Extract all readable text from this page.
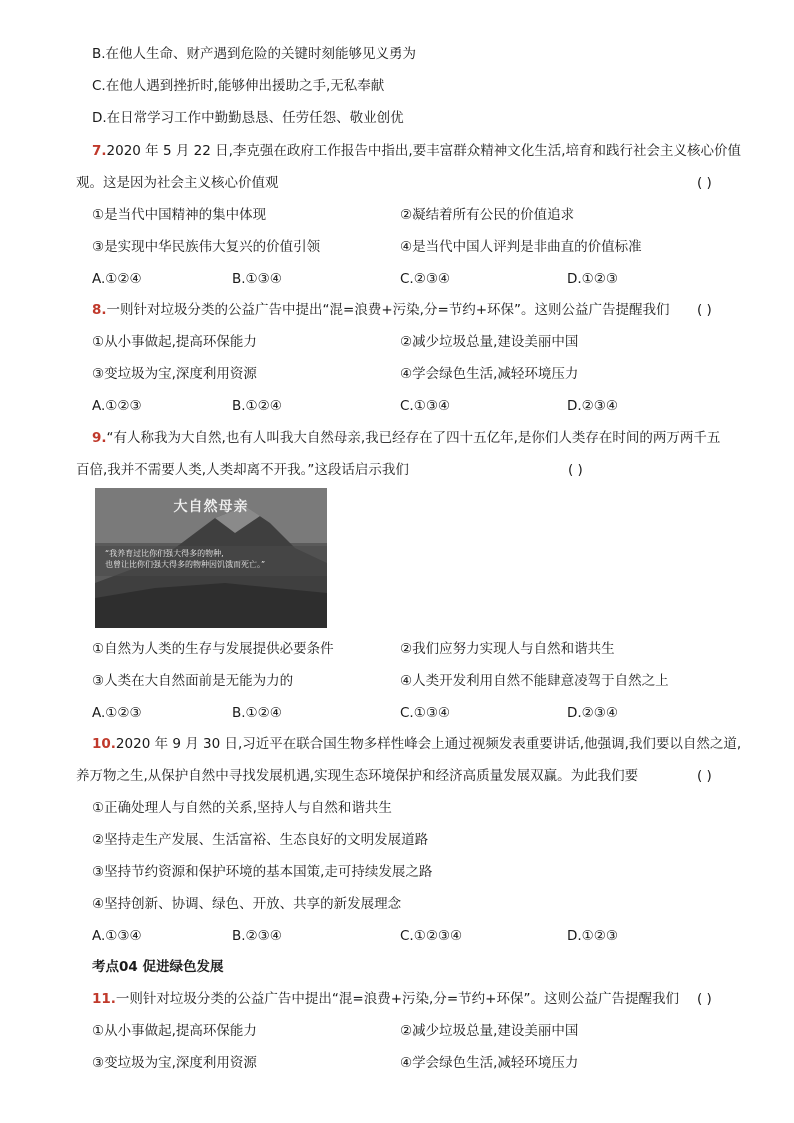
B.在他人生命、财产遇到危险的关键时刻能够见义勇为
C.在他人遇到挫折时,能够伸出援助之手,无私奉献
D.在日常学习工作中勤勤恳恳、任劳任怨、敬业创优
7.2020 年 5 月 22 日,李克强在政府工作报告中指出,要丰富群众精神文化生活,培育和践行社会主义核心价值
观。这是因为社会主义核心价值观	( )
①是当代中国精神的集中体现	②凝结着所有公民的价值追求
③是实现中华民族伟大复兴的价值引领	④是当代中国人评判是非曲直的价值标准
A.①②④	B.①③④	C.②③④	D.①②③
8.一则针对垃圾分类的公益广告中提出“混=浪费+污染,分=节约+环保”。这则公益广告提醒我们 ( )
①从小事做起,提高环保能力	②减少垃圾总量,建设美丽中国
③变垃圾为宝,深度利用资源	④学会绿色生活,减轻环境压力
A.①②③	B.①②④	C.①③④	D.②③④
9.“有人称我为大自然,也有人叫我大自然母亲,我已经存在了四十五亿年,是你们人类存在时间的两万两千五
百倍,我并不需要人类,人类却离不开我。”这段话启示我们	( )
大自然母亲
“我养育过比你们强大得多的物种,
也曾让比你们强大得多的物种因饥饿而死亡。”
①自然为人类的生存与发展提供必要条件	②我们应努力实现人与自然和谐共生
③人类在大自然面前是无能为力的	④人类开发利用自然不能肆意凌驾于自然之上
A.①②③	B.①②④	C.①③④	D.②③④
10.2020 年 9 月 30 日,习近平在联合国生物多样性峰会上通过视频发表重要讲话,他强调,我们要以自然之道,
养万物之生,从保护自然中寻找发展机遇,实现生态环境保护和经济高质量发展双赢。为此我们要	( )
①正确处理人与自然的关系,坚持人与自然和谐共生
②坚持走生产发展、生活富裕、生态良好的文明发展道路
③坚持节约资源和保护环境的基本国策,走可持续发展之路
④坚持创新、协调、绿色、开放、共享的新发展理念
A.①③④	B.②③④	C.①②③④	D.①②③
考点04 促进绿色发展
11.一则针对垃圾分类的公益广告中提出“混=浪费+污染,分=节约+环保”。这则公益广告提醒我们 ( )
①从小事做起,提高环保能力	②减少垃圾总量,建设美丽中国
③变垃圾为宝,深度利用资源	④学会绿色生活,减轻环境压力
